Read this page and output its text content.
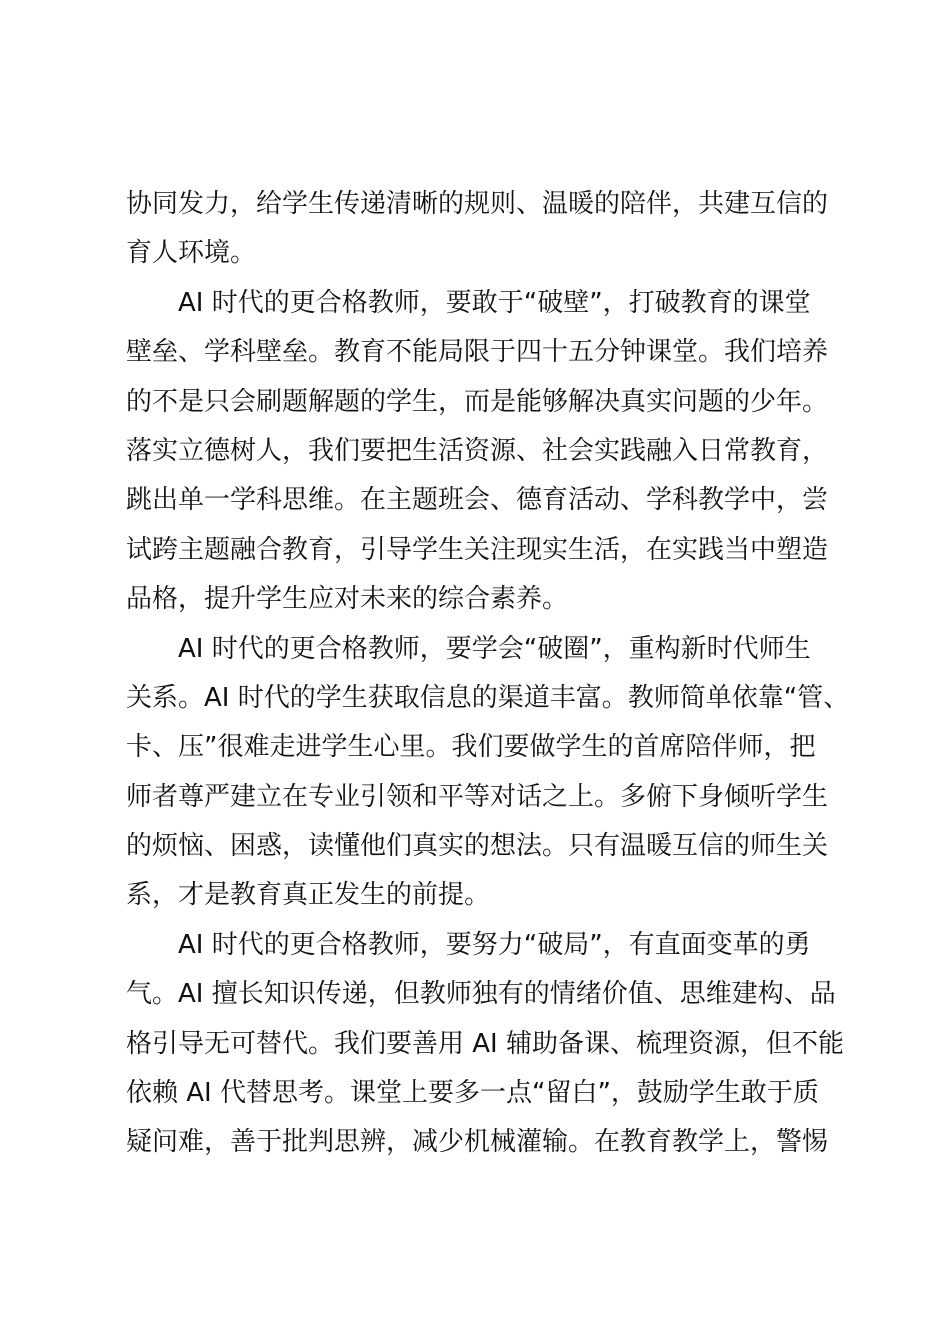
协同发力，给学生传递清晰的规则、温暖的陪伴，共建互信的
育人环境。
AI 时代的更合格教师，要敢于“破壁”，打破教育的课堂
壁垒、学科壁垒。教育不能局限于四十五分钟课堂。我们培养
的不是只会刷题解题的学生，而是能够解决真实问题的少年。
落实立德树人，我们要把生活资源、社会实践融入日常教育，
跳出单一学科思维。在主题班会、德育活动、学科教学中，尝
试跨主题融合教育，引导学生关注现实生活，在实践当中塑造
品格，提升学生应对未来的综合素养。
AI 时代的更合格教师，要学会“破圈”，重构新时代师生
关系。AI 时代的学生获取信息的渠道丰富。教师简单依靠“管、
卡、压”很难走进学生心里。我们要做学生的首席陪伴师，把
师者尊严建立在专业引领和平等对话之上。多俯下身倾听学生
的烦恼、困惑，读懂他们真实的想法。只有温暖互信的师生关
系，才是教育真正发生的前提。
AI 时代的更合格教师，要努力“破局”，有直面变革的勇
气。AI 擅长知识传递，但教师独有的情绪价值、思维建构、品
格引导无可替代。我们要善用 AI 辅助备课、梳理资源，但不能
依赖 AI 代替思考。课堂上要多一点“留白”，鼓励学生敢于质
疑问难，善于批判思辨，减少机械灌输。在教育教学上，警惕
